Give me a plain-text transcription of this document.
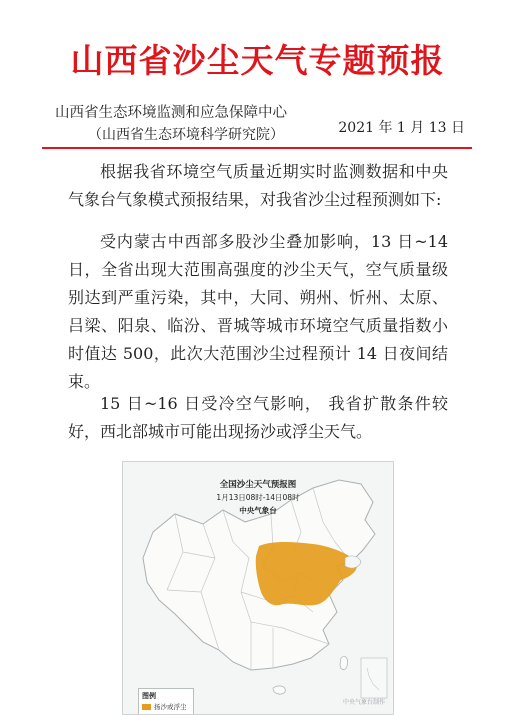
山西省沙尘天气专题预报
山西省生态环境监测和应急保障中心
（山西省生态环境科学研究院）	2021 年 1 月 13 日

根据我省环境空气质量近期实时监测数据和中央气象台气象模式预报结果，对我省沙尘过程预测如下:

受内蒙古中西部多股沙尘叠加影响，13 日~14 日，全省出现大范围高强度的沙尘天气，空气质量级别达到严重污染，其中，大同、朔州、忻州、太原、吕梁、阳泉、临汾、晋城等城市环境空气质量指数小时值达 500，此次大范围沙尘过程预计 14 日夜间结束。

15 日~16 日受冷空气影响， 我省扩散条件较好，西北部城市可能出现扬沙或浮尘天气。

全国沙尘天气预报图
1月13日08时-14日08时
中央气象台
图例
扬沙或浮尘
中央气象台制作
